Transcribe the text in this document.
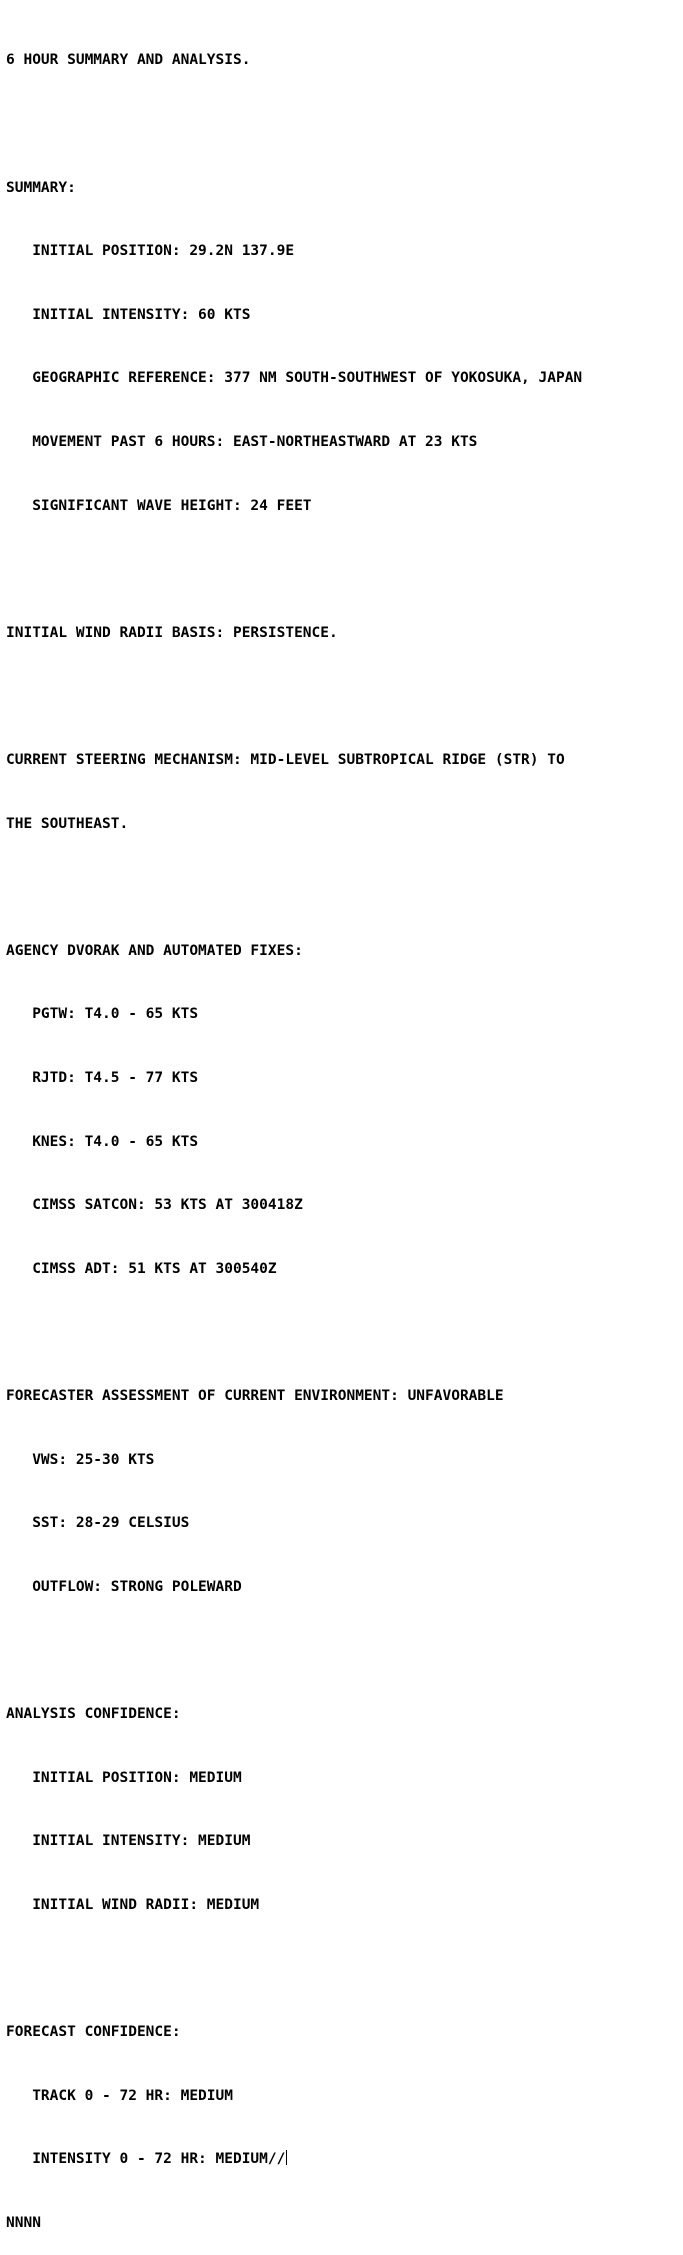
6 HOUR SUMMARY AND ANALYSIS.

SUMMARY:

INITIAL POSITION: 29.2N 137.9E

INITIAL INTENSITY: 60 KTS

GEOGRAPHIC REFERENCE: 377 NM SOUTH-SOUTHWEST OF YOKOSUKA, JAPAN

MOVEMENT PAST 6 HOURS: EAST-NORTHEASTWARD AT 23 KTS

SIGNIFICANT WAVE HEIGHT: 24 FEET

INITIAL WIND RADII BASIS: PERSISTENCE.

CURRENT STEERING MECHANISM: MID-LEVEL SUBTROPICAL RIDGE (STR) TO

THE SOUTHEAST.

AGENCY DVORAK AND AUTOMATED FIXES:

PGTW: T4.0 - 65 KTS

RJTD: T4.5 - 77 KTS

KNES: T4.0 - 65 KTS

CIMSS SATCON: 53 KTS AT 300418Z

CIMSS ADT: 51 KTS AT 300540Z

FORECASTER ASSESSMENT OF CURRENT ENVIRONMENT: UNFAVORABLE

VWS: 25-30 KTS

SST: 28-29 CELSIUS

OUTFLOW: STRONG POLEWARD

ANALYSIS CONFIDENCE:

INITIAL POSITION: MEDIUM

INITIAL INTENSITY: MEDIUM

INITIAL WIND RADII: MEDIUM

FORECAST CONFIDENCE:

TRACK 0 - 72 HR: MEDIUM

INTENSITY 0 - 72 HR: MEDIUM//

NNNN
